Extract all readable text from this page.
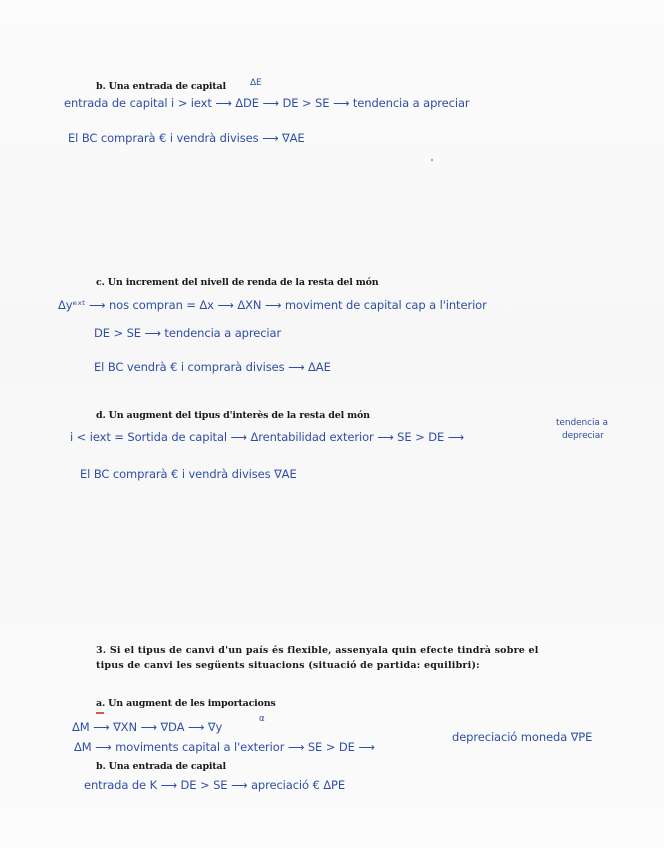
b. Una entrada de capital	ΔE
entrada de capital i > iext ⟶ ΔDE ⟶ DE > SE ⟶ tendencia a apreciar
El BC comprarà € i vendrà divises ⟶ ∇AE
c. Un increment del nivell de renda de la resta del món
Δyᵉˣᵗ ⟶ nos compran = Δx ⟶ ΔXN ⟶ moviment de capital cap a l'interior
DE > SE ⟶ tendencia a apreciar
El BC vendrà € i comprarà divises ⟶ ΔAE
d. Un augment del tipus d'interès de la resta del món
i < iext = Sortida de capital ⟶ Δrentabilidad exterior ⟶ SE > DE ⟶
tendencia a
depreciar
El BC comprarà € i vendrà divises ∇AE
3. Si el tipus de canvi d'un país és flexible, assenyala quin efecte tindrà sobre el
tipus de canvi les següents situacions (situació de partida: equilibri):
a. Un augment de les importacions
ΔM ⟶ ∇XN ⟶ ∇DA ⟶ ∇y
α
ΔM ⟶ moviments capital a l'exterior ⟶ SE > DE ⟶
depreciació moneda ∇PE
b. Una entrada de capital
entrada de K ⟶ DE > SE ⟶ apreciació € ΔPE
